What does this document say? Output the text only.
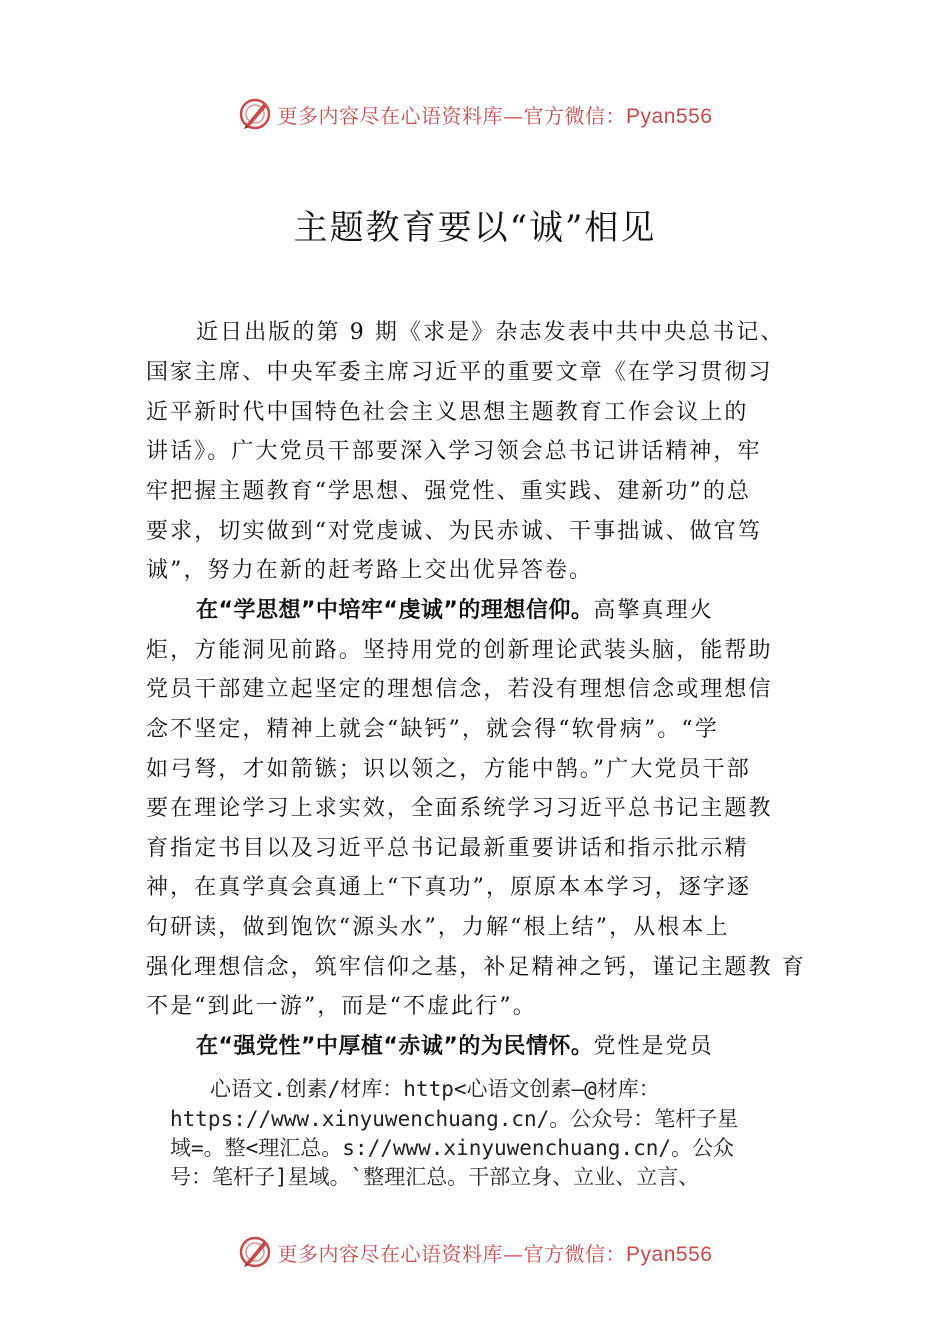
更多内容尽在心语资料库—官方微信：Pyan556
主题教育要以“诚”相见
近日出版的第 9 期《求是》杂志发表中共中央总书记、
国家主席、中央军委主席习近平的重要文章《在学习贯彻习
近平新时代中国特色社会主义思想主题教育工作会议上的
讲话》。广大党员干部要深入学习领会总书记讲话精神，牢
牢把握主题教育“学思想、强党性、重实践、建新功”的总
要求，切实做到“对党虔诚、为民赤诚、干事拙诚、做官笃
诚”，努力在新的赶考路上交出优异答卷。
在“学思想”中培牢“虔诚”的理想信仰。高擎真理火
炬，方能洞见前路。坚持用党的创新理论武装头脑，能帮助
党员干部建立起坚定的理想信念，若没有理想信念或理想信
念不坚定，精神上就会“缺钙”，就会得“软骨病”。“学
如弓弩，才如箭镞；识以领之，方能中鹄。”广大党员干部
要在理论学习上求实效，全面系统学习习近平总书记主题教
育指定书目以及习近平总书记最新重要讲话和指示批示精
神，在真学真会真通上“下真功”，原原本本学习，逐字逐
句研读，做到饱饮“源头水”，力解“根上结”，从根本上
强化理想信念，筑牢信仰之基，补足精神之钙，谨记主题教 育
不是“到此一游”，而是“不虚此行”。
在“强党性”中厚植“赤诚”的为民情怀。党性是党员
心语文.创素/材库：http<心语文创素—@材库：
https://www.xinyuwenchuang.cn/。公众号：笔杆子星
域=。整<理汇总。s://www.xinyuwenchuang.cn/。公众
号：笔杆子]星域。`整理汇总。干部立身、立业、立言、
更多内容尽在心语资料库—官方微信：Pyan556
